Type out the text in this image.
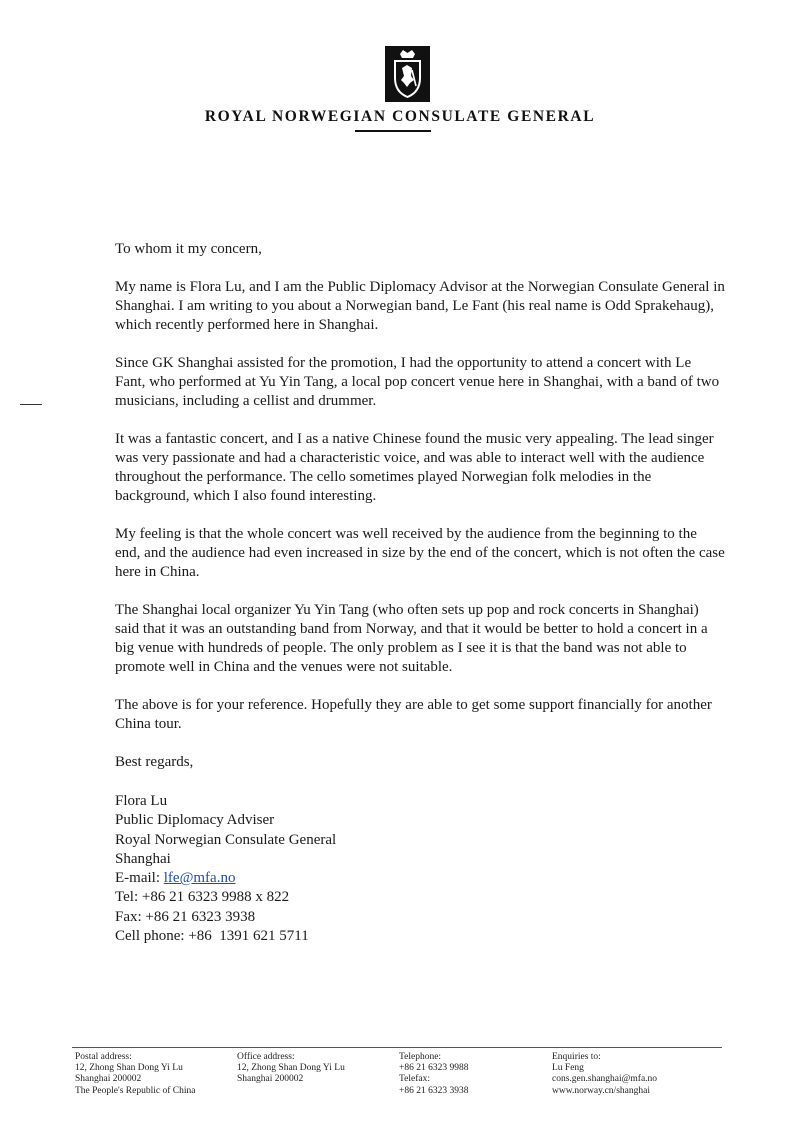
ROYAL NORWEGIAN CONSULATE GENERAL

To whom it my concern,

My name is Flora Lu, and I am the Public Diplomacy Advisor at the Norwegian Consulate General in Shanghai. I am writing to you about a Norwegian band, Le Fant (his real name is Odd Sprakehaug), which recently performed here in Shanghai.

Since GK Shanghai assisted for the promotion, I had the opportunity to attend a concert with Le Fant, who performed at Yu Yin Tang, a local pop concert venue here in Shanghai, with a band of two musicians, including a cellist and drummer.

It was a fantastic concert, and I as a native Chinese found the music very appealing. The lead singer was very passionate and had a characteristic voice, and was able to interact well with the audience throughout the performance. The cello sometimes played Norwegian folk melodies in the background, which I also found interesting.

My feeling is that the whole concert was well received by the audience from the beginning to the end, and the audience had even increased in size by the end of the concert, which is not often the case here in China.

The Shanghai local organizer Yu Yin Tang (who often sets up pop and rock concerts in Shanghai) said that it was an outstanding band from Norway, and that it would be better to hold a concert in a big venue with hundreds of people. The only problem as I see it is that the band was not able to promote well in China and the venues were not suitable.

The above is for your reference. Hopefully they are able to get some support financially for another China tour.

Best regards,

Flora Lu
Public Diplomacy Adviser
Royal Norwegian Consulate General
Shanghai
E-mail: lfe@mfa.no
Tel: +86 21 6323 9988 x 822
Fax: +86 21 6323 3938
Cell phone: +86  1391 621 5711
Postal address:
12, Zhong Shan Dong Yi Lu
Shanghai 200002
The People's Republic of China
Office address:
12, Zhong Shan Dong Yi Lu
Shanghai 200002
Telephone:
+86 21 6323 9988
Telefax:
+86 21 6323 3938
Enquiries to:
Lu Feng
cons.gen.shanghai@mfa.no
www.norway.cn/shanghai
